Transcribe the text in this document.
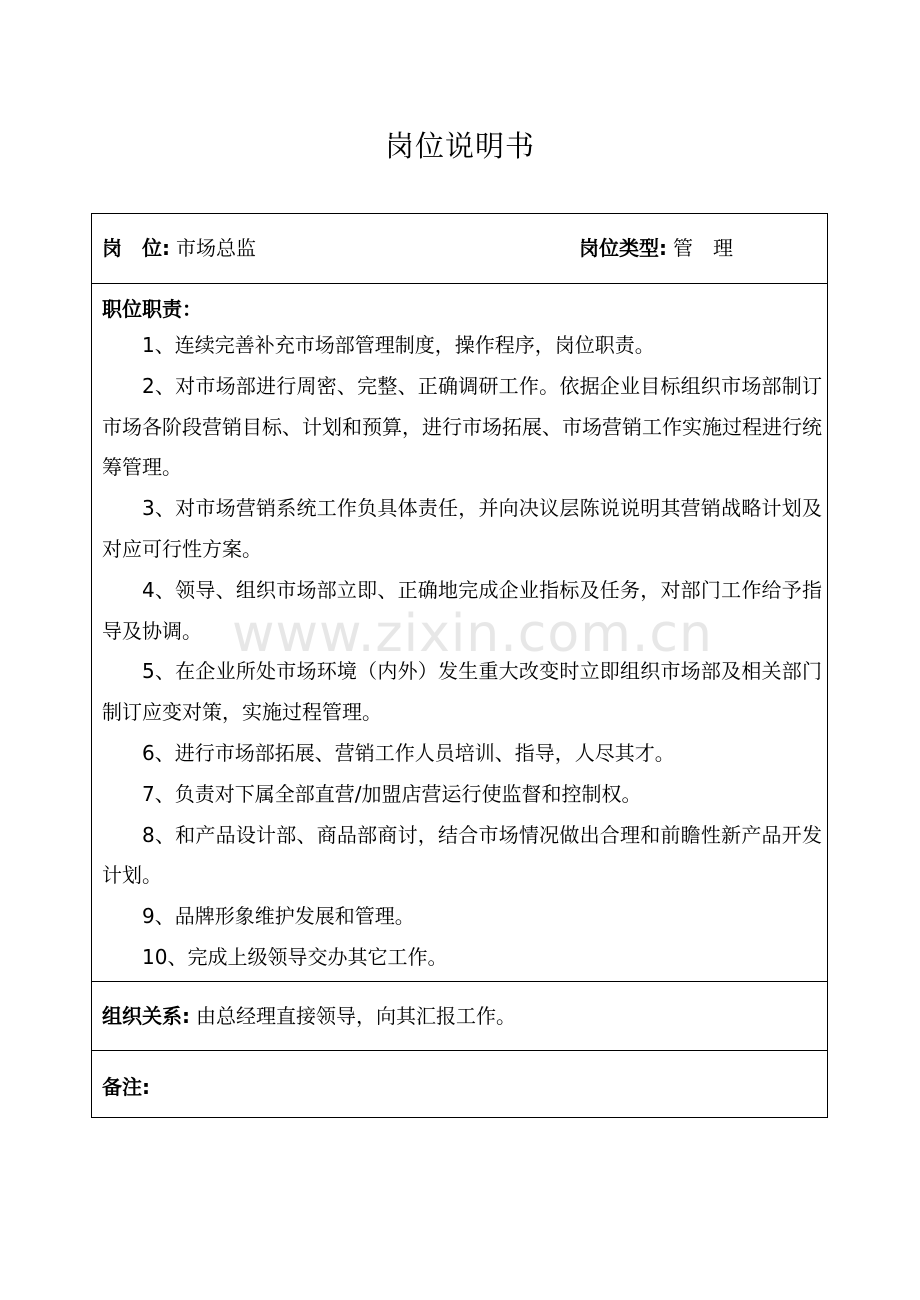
岗位说明书
岗　位: 市场总监	岗位类型: 管　理
职位职责：
1、连续完善补充市场部管理制度，操作程序，岗位职责。
2、对市场部进行周密、完整、正确调研工作。依据企业目标组织市场部制订市场各阶段营销目标、计划和预算，进行市场拓展、市场营销工作实施过程进行统筹管理。
3、对市场营销系统工作负具体责任，并向决议层陈说说明其营销战略计划及对应可行性方案。
4、领导、组织市场部立即、正确地完成企业指标及任务，对部门工作给予指导及协调。
5、在企业所处市场环境（内外）发生重大改变时立即组织市场部及相关部门制订应变对策，实施过程管理。
6、进行市场部拓展、营销工作人员培训、指导，人尽其才。
7、负责对下属全部直营/加盟店营运行使监督和控制权。
8、和产品设计部、商品部商讨，结合市场情况做出合理和前瞻性新产品开发计划。
9、品牌形象维护发展和管理。
10、完成上级领导交办其它工作。
组织关系: 由总经理直接领导，向其汇报工作。
备注:
www.zixin.com.cn
